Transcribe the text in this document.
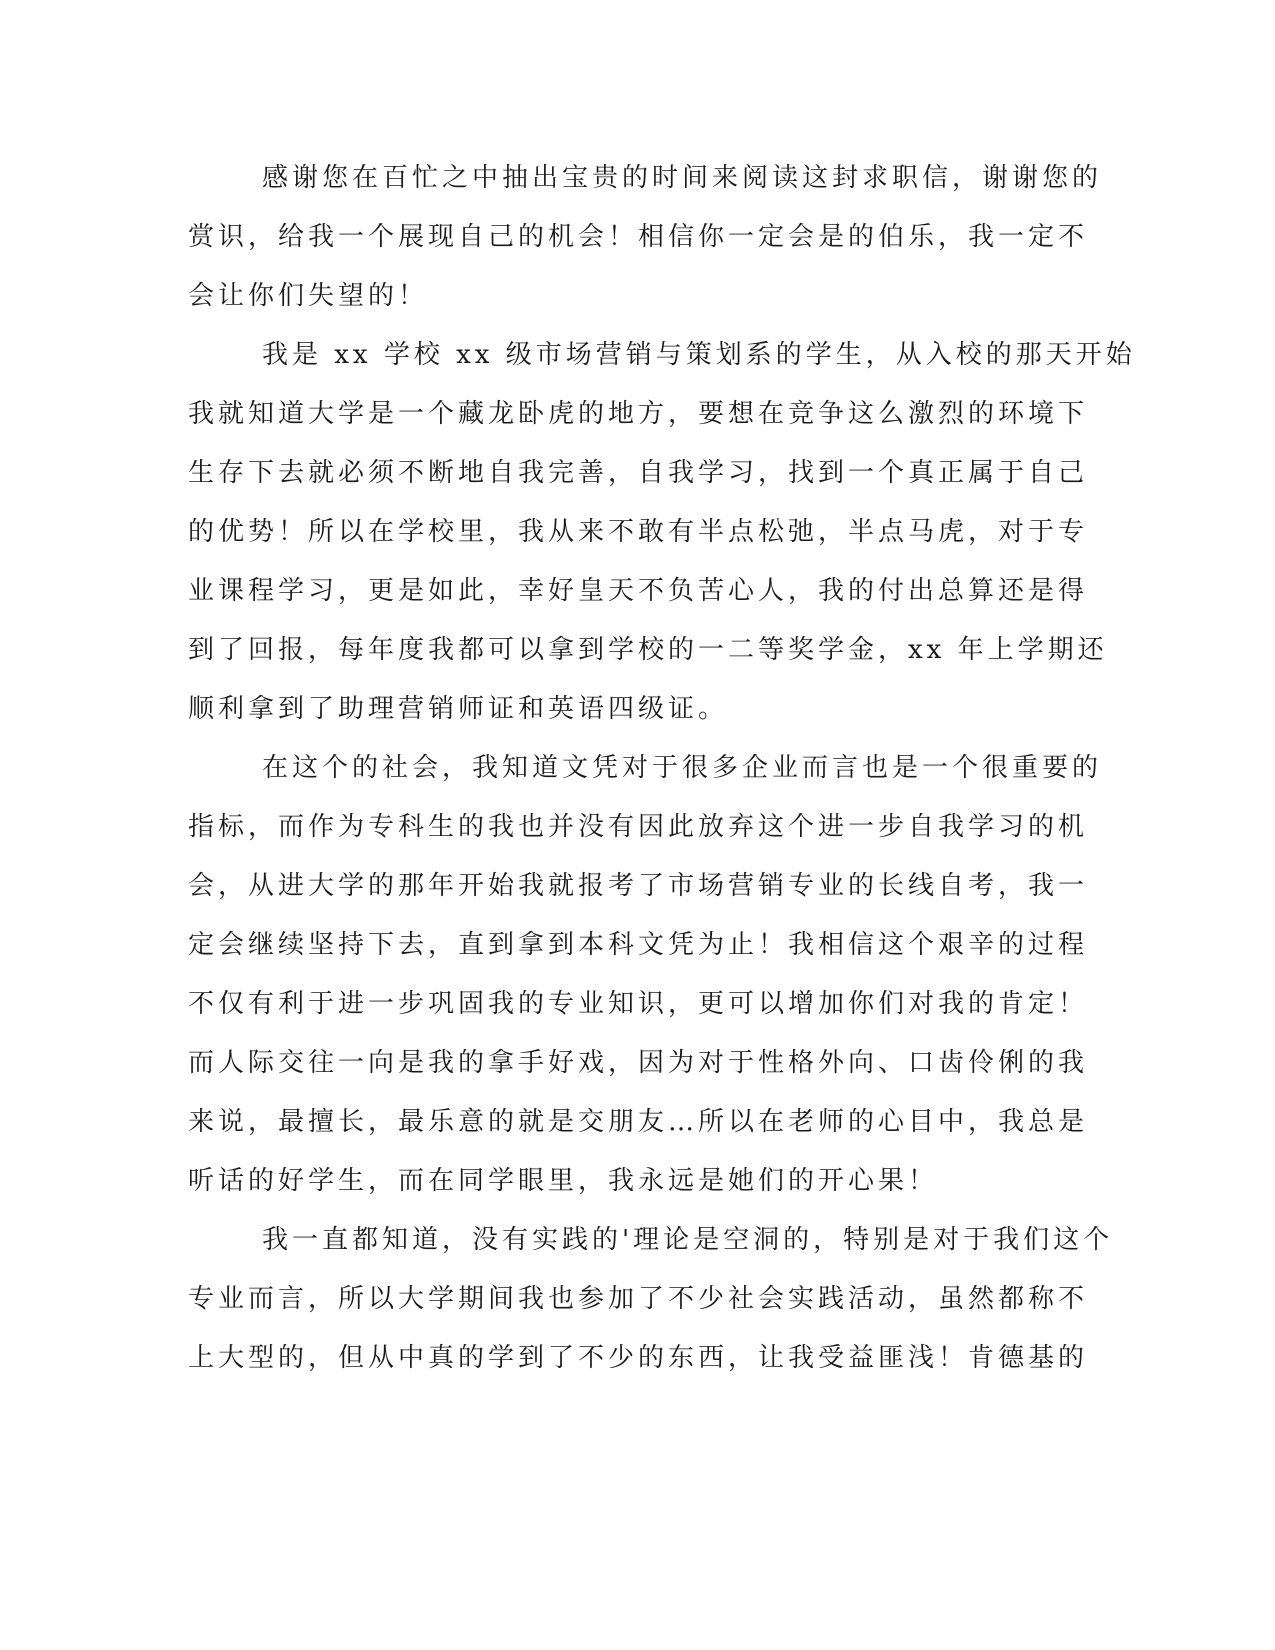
感谢您在百忙之中抽出宝贵的时间来阅读这封求职信，谢谢您的
赏识，给我一个展现自己的机会！相信你一定会是的伯乐，我一定不
会让你们失望的！
我是 xx 学校 xx 级市场营销与策划系的学生，从入校的那天开始
我就知道大学是一个藏龙卧虎的地方，要想在竞争这么激烈的环境下
生存下去就必须不断地自我完善，自我学习，找到一个真正属于自己
的优势！所以在学校里，我从来不敢有半点松弛，半点马虎，对于专
业课程学习，更是如此，幸好皇天不负苦心人，我的付出总算还是得
到了回报，每年度我都可以拿到学校的一二等奖学金，xx 年上学期还
顺利拿到了助理营销师证和英语四级证。
在这个的社会，我知道文凭对于很多企业而言也是一个很重要的
指标，而作为专科生的我也并没有因此放弃这个进一步自我学习的机
会，从进大学的那年开始我就报考了市场营销专业的长线自考，我一
定会继续坚持下去，直到拿到本科文凭为止！我相信这个艰辛的过程
不仅有利于进一步巩固我的专业知识，更可以增加你们对我的肯定！
而人际交往一向是我的拿手好戏，因为对于性格外向、口齿伶俐的我
来说，最擅长，最乐意的就是交朋友…所以在老师的心目中，我总是
听话的好学生，而在同学眼里，我永远是她们的开心果！
我一直都知道，没有实践的'理论是空洞的，特别是对于我们这个
专业而言，所以大学期间我也参加了不少社会实践活动，虽然都称不
上大型的，但从中真的学到了不少的东西，让我受益匪浅！肯德基的
